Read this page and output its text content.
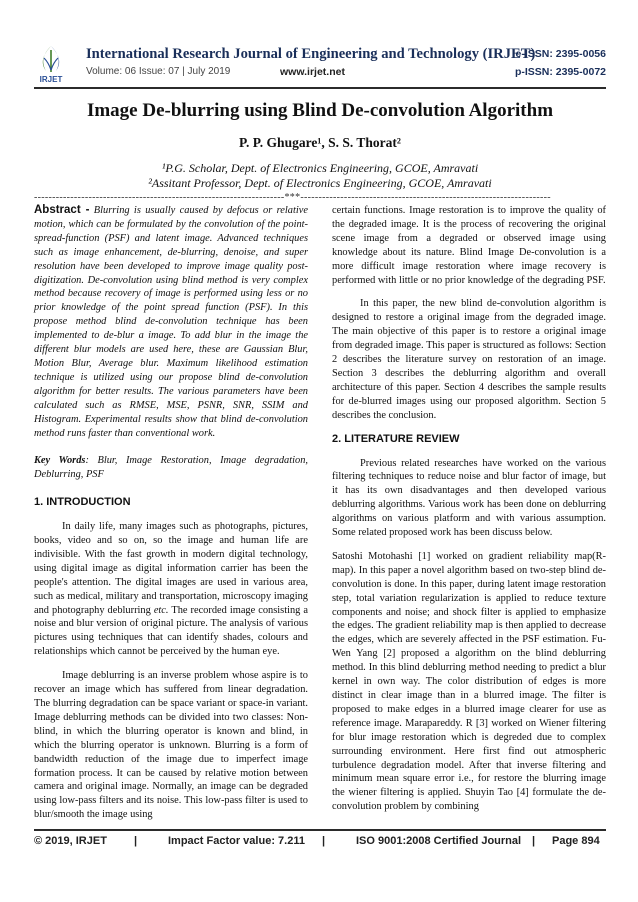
IRJET
International Research Journal of Engineering and Technology (IRJET)
e-ISSN: 2395-0056
Volume: 06 Issue: 07 | July 2019	www.irjet.net	p-ISSN: 2395-0072
Image De-blurring using Blind De-convolution Algorithm
P. P. Ghugare¹, S. S. Thorat²
¹P.G. Scholar, Dept. of Electronics Engineering, GCOE, Amravati
²Assitant Professor, Dept. of Electronics Engineering, GCOE, Amravati
---------------------------------------------------------------------***---------------------------------------------------------------------

Abstract - Blurring is usually caused by defocus or relative motion, which can be formulated by the convolution of the point-spread-function (PSF) and latent image. Advanced techniques such as image enhancement, de-blurring, denoise, and super resolution have been developed to improve image quality post-digitization. De-convolution using blind method is very complex method because recovery of image is performed using less or no prior knowledge of the point spread function (PSF). In this propose method blind de-convolution technique has been implemented to de-blur a image. To add blur in the image the different blur models are used here, these are Gaussian Blur, Motion Blur, Average blur. Maximum likelihood estimation technique is utilized using our propose blind de-convolution algorithm for better results. The various parameters have been calculated such as RMSE, MSE, PSNR, SNR, SSIM and Histogram. Experimental results show that blind de-convolution method runs faster than conventional work.

Key Words: Blur, Image Restoration, Image degradation, Deblurring, PSF

1. INTRODUCTION

In daily life, many images such as photographs, pictures, books, video and so on, so the image and human life are indivisible. With the fast growth in modern digital technology, using digital image as digital information carrier has been the people's attention. The digital images are used in various area, such as medical, military and transportation, microscopy imaging and photography deblurring etc. The recorded image consisting a noise and blur version of original picture. The analysis of various pictures using techniques that can identify shades, colours and relationships which cannot be perceived by the human eye.

Image deblurring is an inverse problem whose aspire is to recover an image which has suffered from linear degradation. The blurring degradation can be space variant or space-in variant. Image deblurring methods can be divided into two classes: Non-blind, in which the blurring operator is known and blind, in which the blurring operator is unknown. Blurring is a form of bandwidth reduction of the image due to imperfect image formation process. It can be caused by relative motion between camera and original image. Normally, an image can be degraded using low-pass filters and its noise. This low-pass filter is used to blur/smooth the image using

certain functions. Image restoration is to improve the quality of the degraded image. It is the process of recovering the original scene image from a degraded or observed image using knowledge about its nature. Blind Image De-convolution is a more difficult image restoration where image recovery is performed with little or no prior knowledge of the degrading PSF.

In this paper, the new blind de-convolution algorithm is designed to restore a original image from the degraded image. The main objective of this paper is to restore a original image from degraded image. This paper is structured as follows: Section 2 describes the literature survey on restoration of an image. Section 3 describes the deblurring algorithm and overall architecture of this paper. Section 4 describes the sample results for de-blurred images using our proposed algorithm. Section 5 describes the conclusion.

2. LITERATURE REVIEW

Previous related researches have worked on the various filtering techniques to reduce noise and blur factor of image, but it has its own disadvantages and then developed various deblurring algorithms. Various work has been done on deblurring algorithms on various platform and with various assumption. Some related proposed work has been discuss below.

Satoshi Motohashi [1] worked on gradient reliability map(R-map). In this paper a novel algorithm based on two-step blind de-convolution is done. In this paper, during latent image restoration step, total variation regularization is applied to reduce texture components and noise; and shock filter is applied to emphasize the edges. The gradient reliability map is then applied to decrease the edges, which are severely affected in the PSF estimation. Fu-Wen Yang [2] proposed a algorithm on the blind deblurring method. In this blind deblurring method needing to predict a blur kernel in own way. The color distribution of edges is more distinct in clear image than in a blurred image. The filter is proposed to make edges in a blurred image clearer for use as reference image. Marapareddy. R [3] worked on Wiener filtering for blur image restoration which is degreded due to complex surrounding environment. Here first find out atmospheric turbulence degradation model. After that inverse filtering and minimum mean square error i.e., for restore the blurring image the wiener filtering is applied. Shuyin Tao [4] formulate the de-convolution problem by combining

© 2019, IRJET |	Impact Factor value: 7.211 |	ISO 9001:2008 Certified Journal | Page 894
